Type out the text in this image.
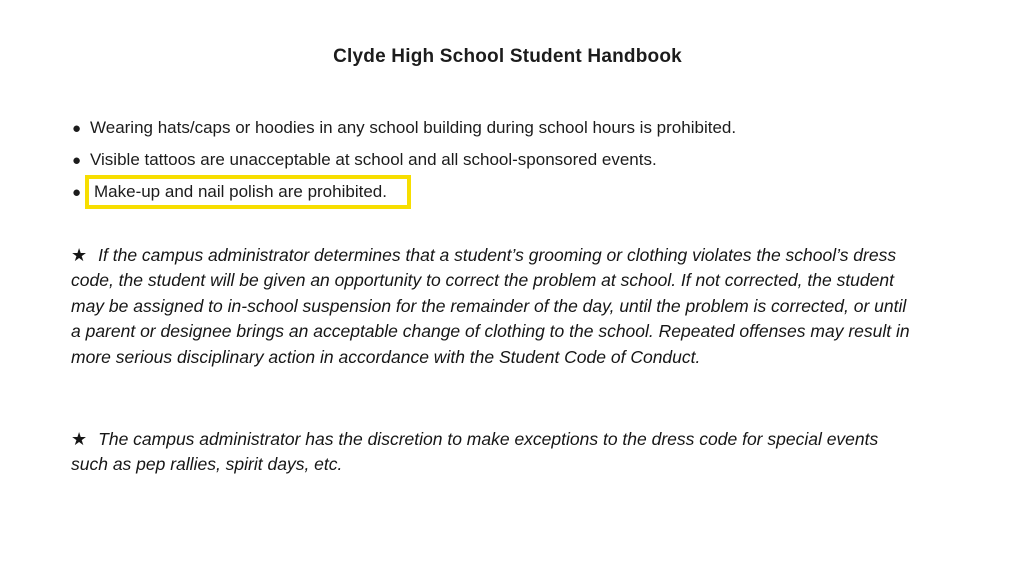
Clyde High School Student Handbook
● Wearing hats/caps or hoodies in any school building during school hours is prohibited.
● Visible tattoos are unacceptable at school and all school-sponsored events.
● Make-up and nail polish are prohibited.

★ If the campus administrator determines that a student’s grooming or clothing violates the school’s dress code, the student will be given an opportunity to correct the problem at school. If not corrected, the student may be assigned to in-school suspension for the remainder of the day, until the problem is corrected, or until a parent or designee brings an acceptable change of clothing to the school. Repeated offenses may result in more serious disciplinary action in accordance with the Student Code of Conduct.

★ The campus administrator has the discretion to make exceptions to the dress code for special events such as pep rallies, spirit days, etc.
